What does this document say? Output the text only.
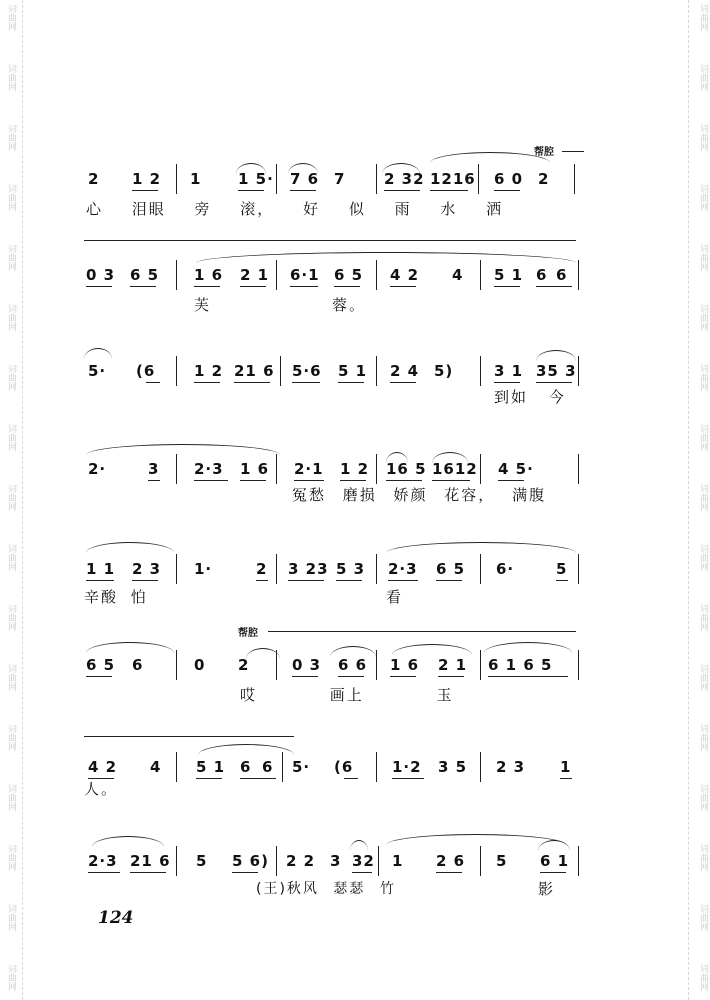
词曲网	词曲网
词曲网	词曲网
词曲网	词曲网
词曲网	词曲网
词曲网	词曲网
词曲网	词曲网
词曲网	词曲网
词曲网	词曲网
词曲网	词曲网
词曲网	词曲网
词曲网	词曲网
词曲网	词曲网
词曲网	词曲网
词曲网	词曲网
词曲网	词曲网
词曲网	词曲网
词曲网	词曲网
帮腔
2 1 2 1 1 5· 7 6 7	2 32 1216 6 0 2
心 泪眼 旁 滚， 好 似 雨 水 洒
0 3 6 5 1 6 2 1 6·1 6 5 4 2 4 5 1 6 6
芙	蓉。
5· (6	1 2 21 6 5·6 5 1 2 4 5)	3 1 35 3
到如 今
2·	3 2·3 1 6 2·1 1 2 16 5 1612 4 5·
冤愁 磨损 娇颜 花容， 满腹
1 1 2 3 1·	2 3 23 5 3 2·3 6 5 6·	5
辛酸 怕	看
帮腔
6 5 6	0 2	0 3 6 6 1 6 2 1 6 1 6 5
哎 画上 玉
4 2 4 5 1 6 6 5· (6	1·2 3 5 2 3 1
人。
2·3 21 6 5 5 6) 2 2 3 32 1 2 6 5 6 1
(王)秋风 瑟瑟 竹	影
124
